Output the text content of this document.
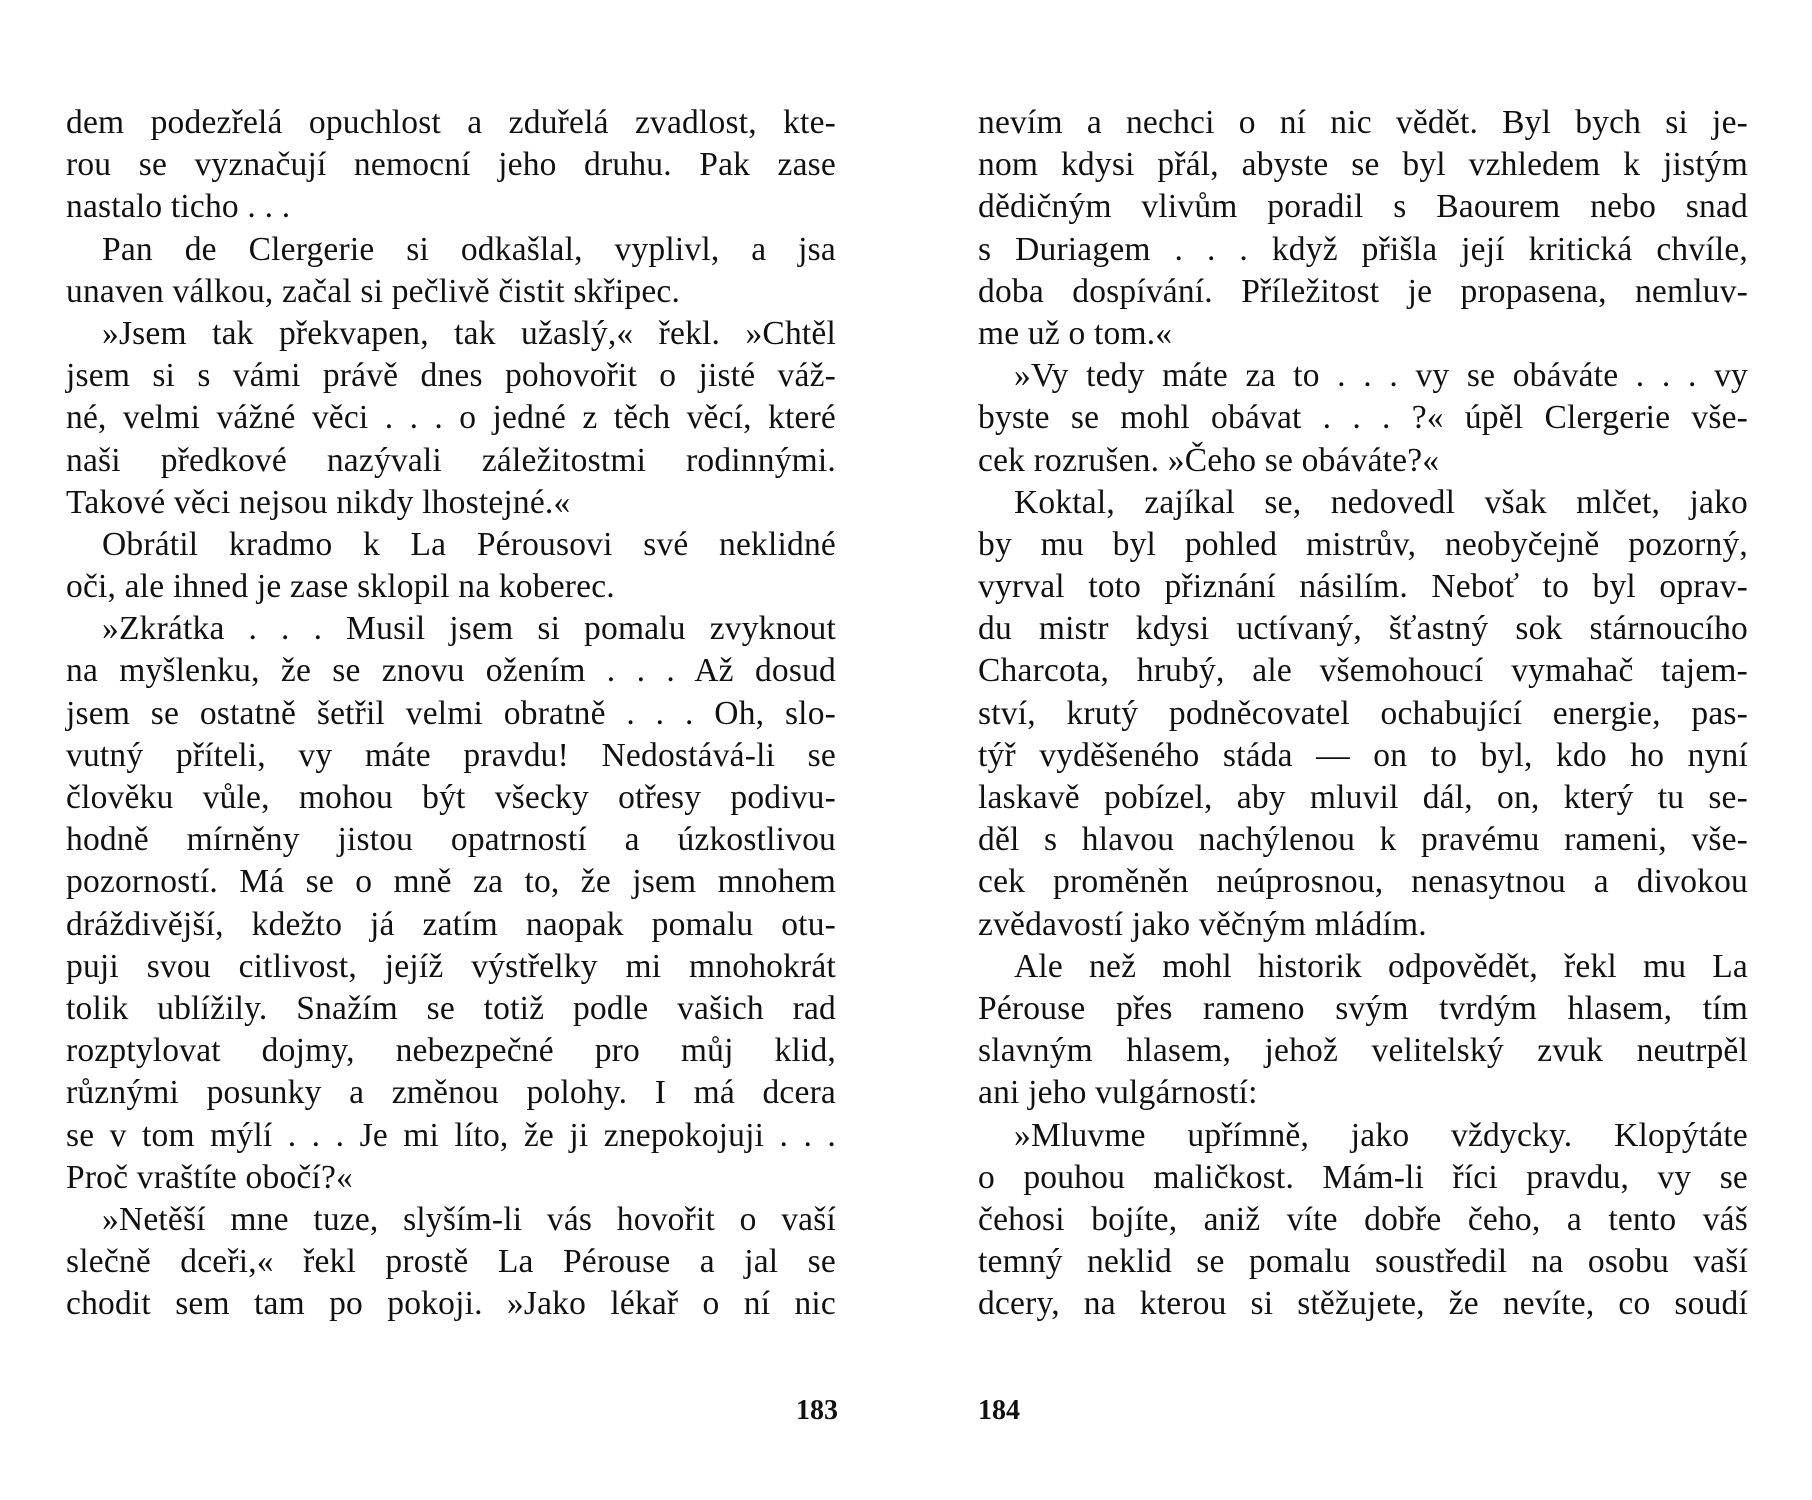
dem podezřelá opuchlost a zduřelá zvadlost, kte-
rou se vyznačují nemocní jeho druhu. Pak zase
nastalo ticho . . .
Pan de Clergerie si odkašlal, vyplivl, a jsa
unaven válkou, začal si pečlivě čistit skřipec.
»Jsem tak překvapen, tak užaslý,« řekl. »Chtěl
jsem si s vámi právě dnes pohovořit o jisté váž-
né, velmi vážné věci . . . o jedné z těch věcí, které
naši předkové nazývali záležitostmi rodinnými.
Takové věci nejsou nikdy lhostejné.«
Obrátil kradmo k La Pérousovi své neklidné
oči, ale ihned je zase sklopil na koberec.
»Zkrátka . . . Musil jsem si pomalu zvyknout
na myšlenku, že se znovu ožením . . . Až dosud
jsem se ostatně šetřil velmi obratně . . . Oh, slo-
vutný příteli, vy máte pravdu! Nedostává-li se
člověku vůle, mohou být všecky otřesy podivu-
hodně mírněny jistou opatrností a úzkostlivou
pozorností. Má se o mně za to, že jsem mnohem
dráždivější, kdežto já zatím naopak pomalu otu-
puji svou citlivost, jejíž výstřelky mi mnohokrát
tolik ublížily. Snažím se totiž podle vašich rad
rozptylovat dojmy, nebezpečné pro můj klid,
různými posunky a změnou polohy. I má dcera
se v tom mýlí . . . Je mi líto, že ji znepokojuji . . .
Proč vraštíte obočí?«
»Netěší mne tuze, slyším-li vás hovořit o vaší
slečně dceři,« řekl prostě La Pérouse a jal se
chodit sem tam po pokoji. »Jako lékař o ní nic
nevím a nechci o ní nic vědět. Byl bych si je-
nom kdysi přál, abyste se byl vzhledem k jistým
dědičným vlivům poradil s Baourem nebo snad
s Duriagem . . . když přišla její kritická chvíle,
doba dospívání. Příležitost je propasena, nemluv-
me už o tom.«
»Vy tedy máte za to . . . vy se obáváte . . . vy
byste se mohl obávat . . . ?« úpěl Clergerie vše-
cek rozrušen. »Čeho se obáváte?«
Koktal, zajíkal se, nedovedl však mlčet, jako
by mu byl pohled mistrův, neobyčejně pozorný,
vyrval toto přiznání násilím. Neboť to byl oprav-
du mistr kdysi uctívaný, šťastný sok stárnoucího
Charcota, hrubý, ale všemohoucí vymahač tajem-
ství, krutý podněcovatel ochabující energie, pas-
týř vyděšeného stáda — on to byl, kdo ho nyní
laskavě pobízel, aby mluvil dál, on, který tu se-
děl s hlavou nachýlenou k pravému rameni, vše-
cek proměněn neúprosnou, nenasytnou a divokou
zvědavostí jako věčným mládím.
Ale než mohl historik odpovědět, řekl mu La
Pérouse přes rameno svým tvrdým hlasem, tím
slavným hlasem, jehož velitelský zvuk neutrpěl
ani jeho vulgárností:
»Mluvme upřímně, jako vždycky. Klopýtáte
o pouhou maličkost. Mám-li říci pravdu, vy se
čehosi bojíte, aniž víte dobře čeho, a tento váš
temný neklid se pomalu soustředil na osobu vaší
dcery, na kterou si stěžujete, že nevíte, co soudí
183	184
